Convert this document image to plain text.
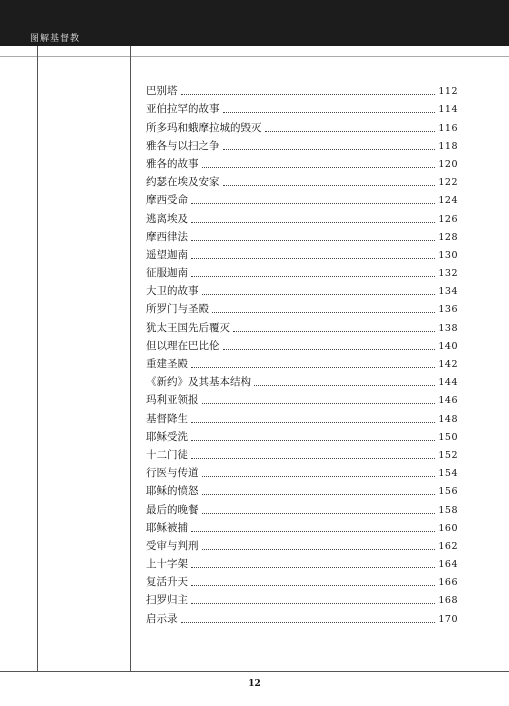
图解基督教
巴别塔	112
亚伯拉罕的故事	114
所多玛和蛾摩拉城的毁灭	116
雅各与以扫之争	118
雅各的故事	120
约瑟在埃及安家	122
摩西受命	124
逃离埃及	126
摩西律法	128
遥望迦南	130
征服迦南	132
大卫的故事	134
所罗门与圣殿	136
犹太王国先后覆灭	138
但以理在巴比伦	140
重建圣殿	142
《新约》及其基本结构	144
玛利亚领报	146
基督降生	148
耶稣受洗	150
十二门徒	152
行医与传道	154
耶稣的愤怒	156
最后的晚餐	158
耶稣被捕	160
受审与判刑	162
上十字架	164
复活升天	166
扫罗归主	168
启示录	170
12
